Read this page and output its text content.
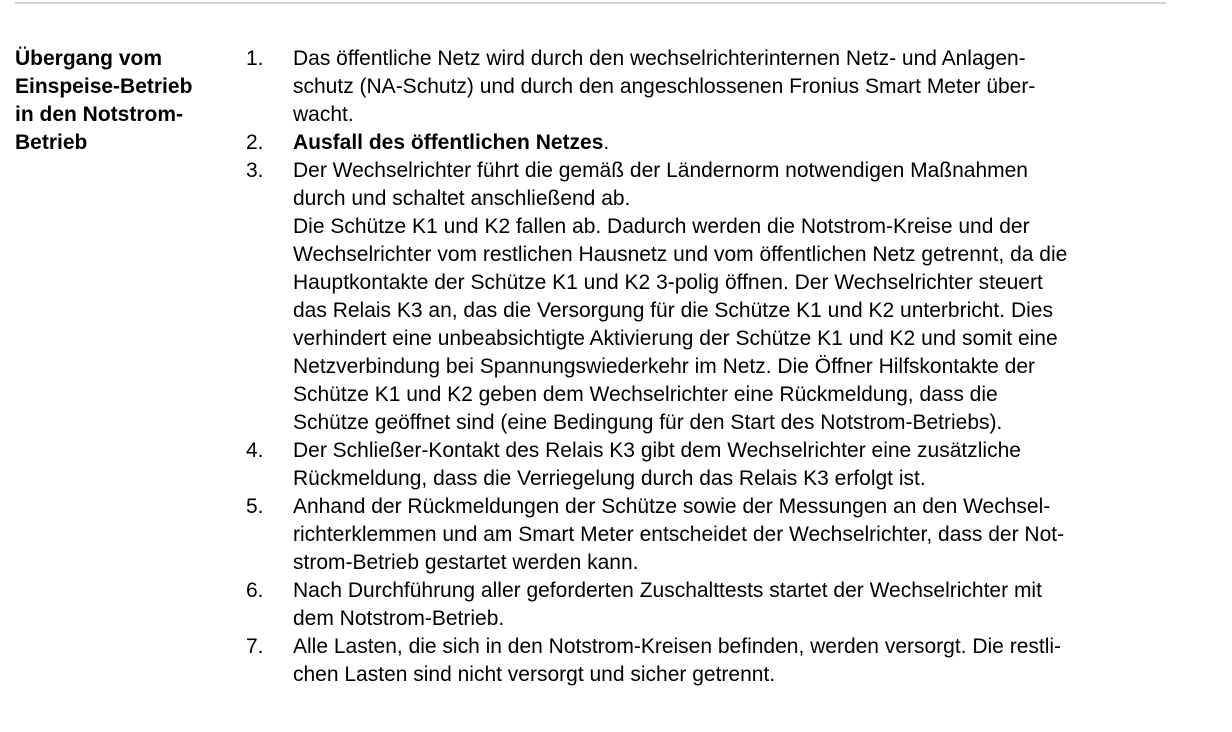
Übergang vom
Einspeise-Betrieb
in den Notstrom-
Betrieb
1. Das öffentliche Netz wird durch den wechselrichterinternen Netz- und Anlagen-
schutz (NA-Schutz) und durch den angeschlossenen Fronius Smart Meter über-
wacht.
2. Ausfall des öffentlichen Netzes.
3. Der Wechselrichter führt die gemäß der Ländernorm notwendigen Maßnahmen
durch und schaltet anschließend ab.
Die Schütze K1 und K2 fallen ab. Dadurch werden die Notstrom-Kreise und der
Wechselrichter vom restlichen Hausnetz und vom öffentlichen Netz getrennt, da die
Hauptkontakte der Schütze K1 und K2 3-polig öffnen. Der Wechselrichter steuert
das Relais K3 an, das die Versorgung für die Schütze K1 und K2 unterbricht. Dies
verhindert eine unbeabsichtigte Aktivierung der Schütze K1 und K2 und somit eine
Netzverbindung bei Spannungswiederkehr im Netz. Die Öffner Hilfskontakte der
Schütze K1 und K2 geben dem Wechselrichter eine Rückmeldung, dass die
Schütze geöffnet sind (eine Bedingung für den Start des Notstrom-Betriebs).
4. Der Schließer-Kontakt des Relais K3 gibt dem Wechselrichter eine zusätzliche
Rückmeldung, dass die Verriegelung durch das Relais K3 erfolgt ist.
5. Anhand der Rückmeldungen der Schütze sowie der Messungen an den Wechsel-
richterklemmen und am Smart Meter entscheidet der Wechselrichter, dass der Not-
strom-Betrieb gestartet werden kann.
6. Nach Durchführung aller geforderten Zuschalttests startet der Wechselrichter mit
dem Notstrom-Betrieb.
7. Alle Lasten, die sich in den Notstrom-Kreisen befinden, werden versorgt. Die restli-
chen Lasten sind nicht versorgt und sicher getrennt.
